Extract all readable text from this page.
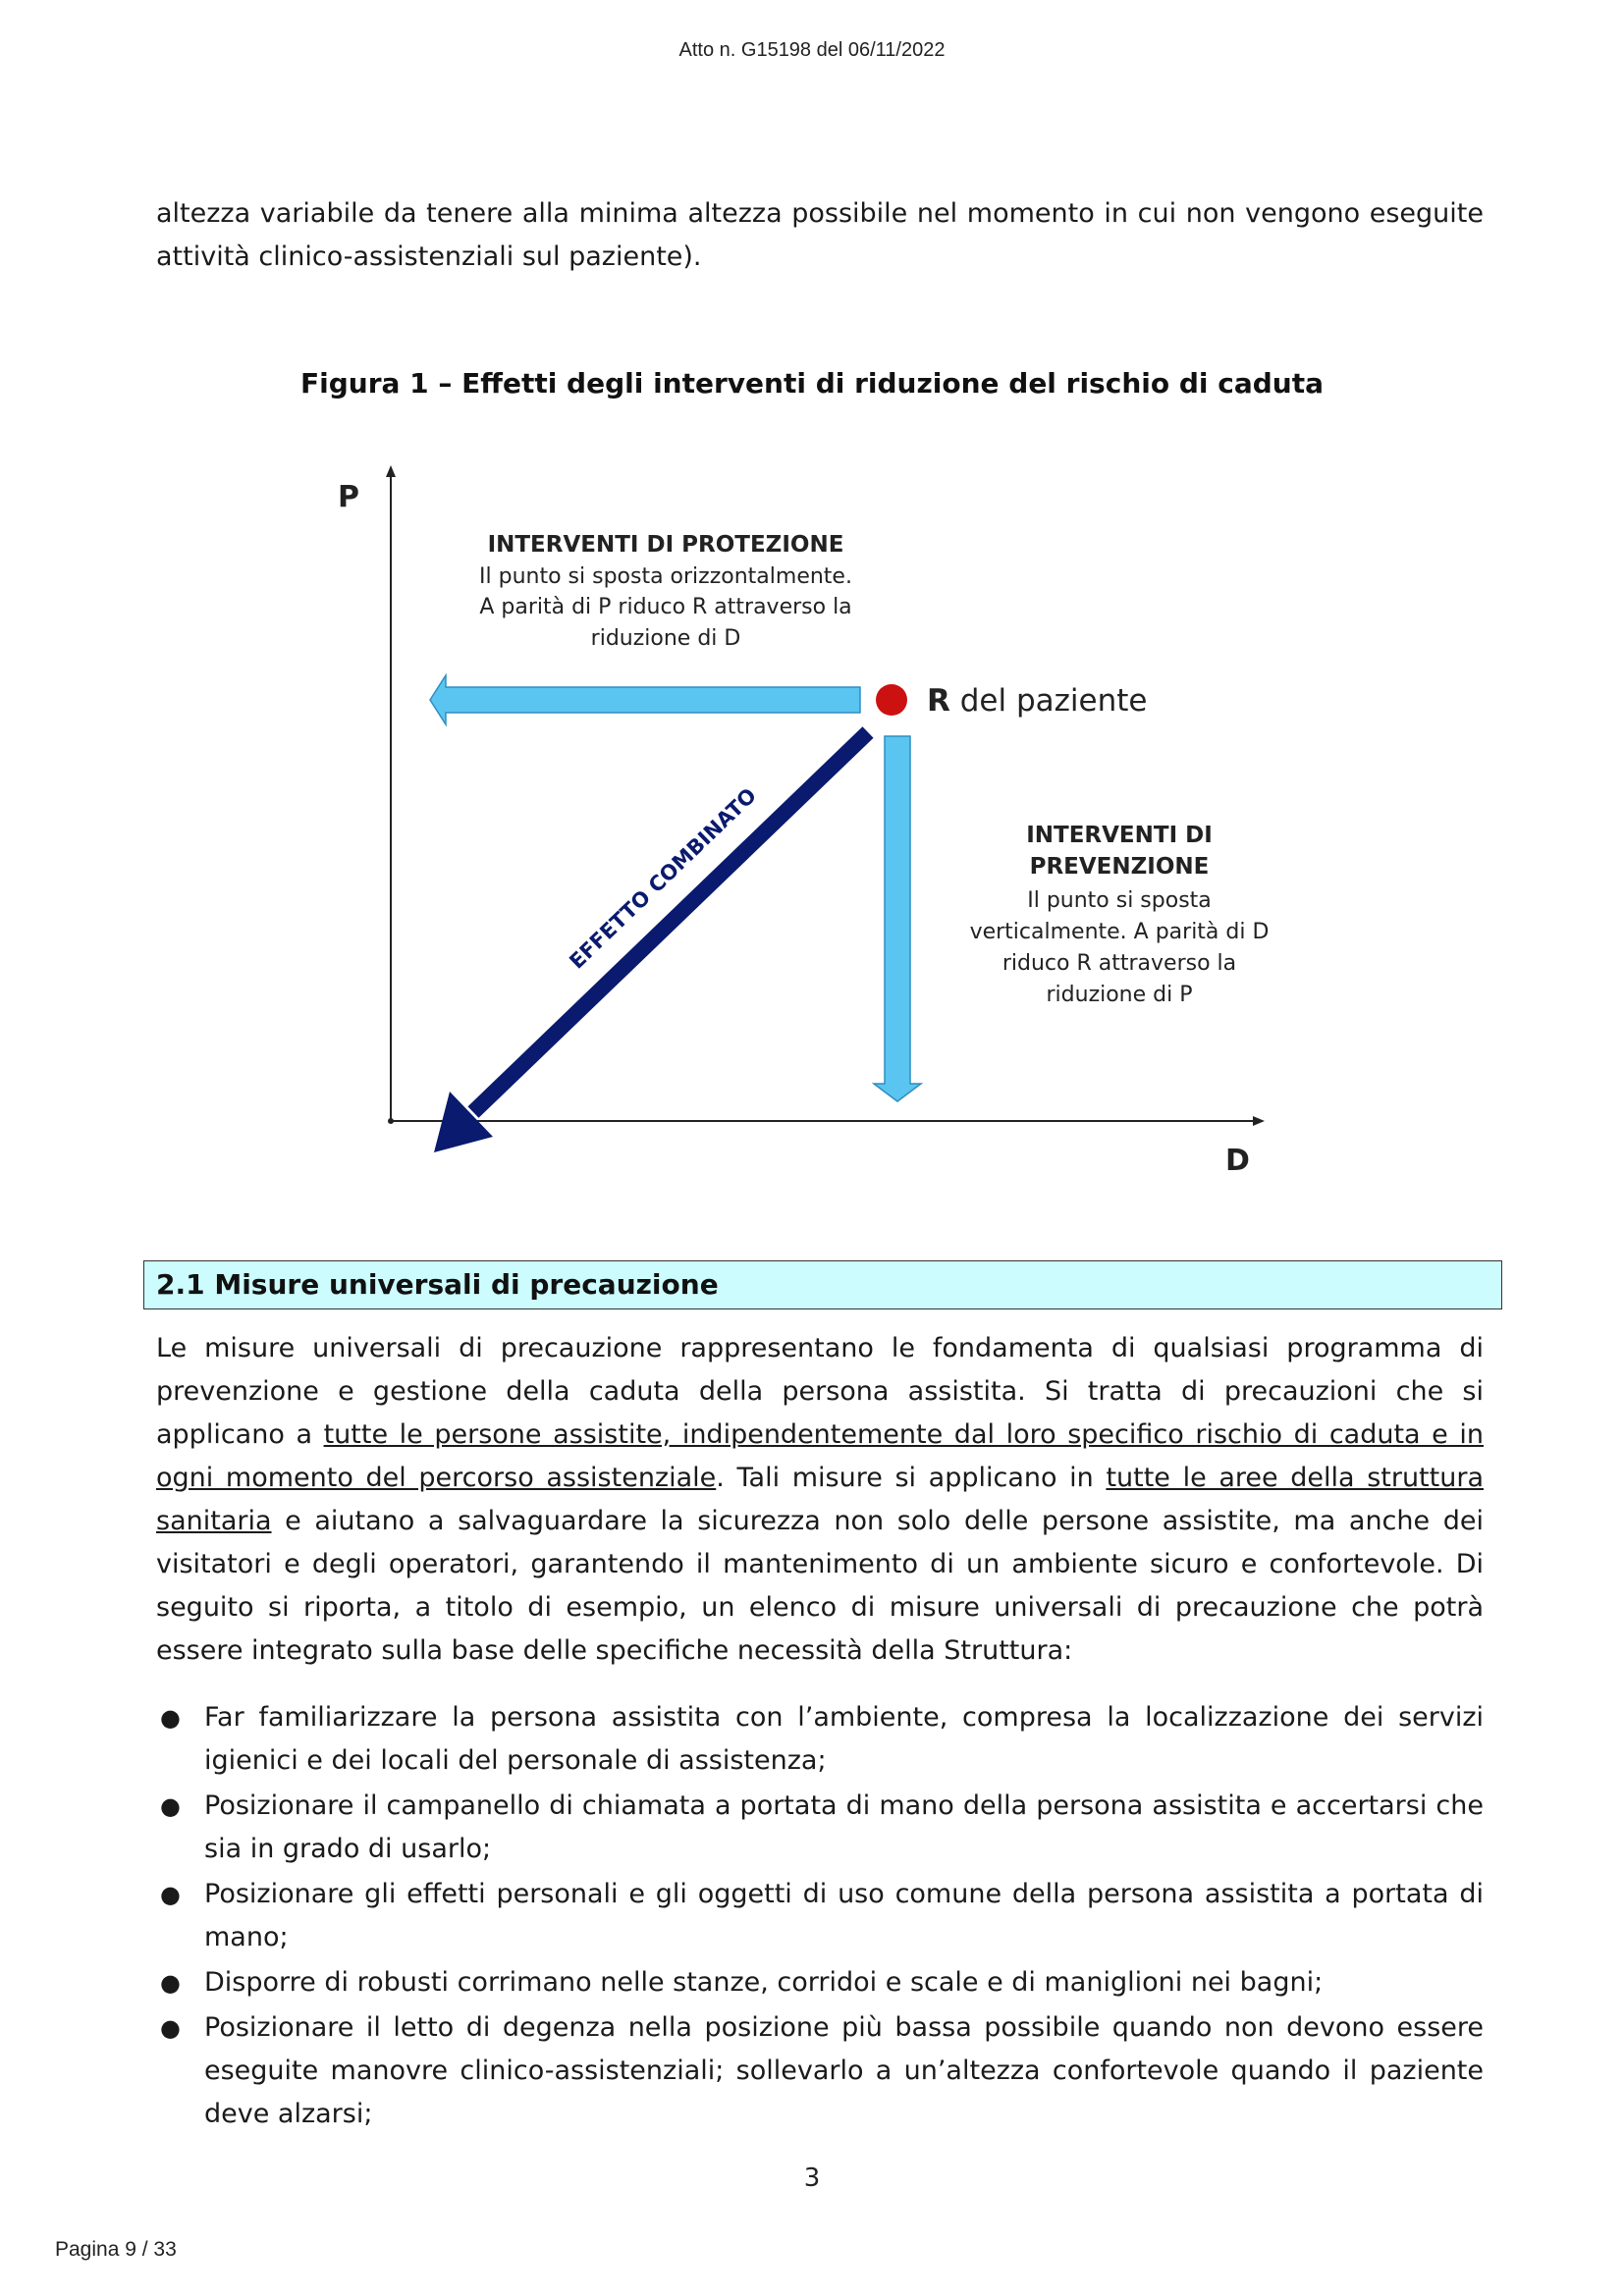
Atto n. G15198 del 06/11/2022
altezza variabile da tenere alla minima altezza possibile nel momento in cui non vengono eseguite attività clinico-assistenziali sul paziente).
Figura 1 – Effetti degli interventi di riduzione del rischio di caduta
P
D
INTERVENTI DI PROTEZIONE
Il punto si sposta orizzontalmente.
A parità di P riduco R attraverso la
riduzione di D
R del paziente
INTERVENTI DI
PREVENZIONE
Il punto si sposta
verticalmente. A parità di D
riduco R attraverso la
riduzione di P
EFFETTO COMBINATO
2.1 Misure universali di precauzione
Le misure universali di precauzione rappresentano le fondamenta di qualsiasi programma di prevenzione e gestione della caduta della persona assistita. Si tratta di precauzioni che si applicano a tutte le persone assistite, indipendentemente dal loro specifico rischio di caduta e in ogni momento del percorso assistenziale. Tali misure si applicano in tutte le aree della struttura sanitaria e aiutano a salvaguardare la sicurezza non solo delle persone assistite, ma anche dei visitatori e degli operatori, garantendo il mantenimento di un ambiente sicuro e confortevole. Di seguito si riporta, a titolo di esempio, un elenco di misure universali di precauzione che potrà essere integrato sulla base delle specifiche necessità della Struttura:
● Far familiarizzare la persona assistita con l’ambiente, compresa la localizzazione dei servizi igienici e dei locali del personale di assistenza;
● Posizionare il campanello di chiamata a portata di mano della persona assistita e accertarsi che sia in grado di usarlo;
● Posizionare gli effetti personali e gli oggetti di uso comune della persona assistita a portata di mano;
● Disporre di robusti corrimano nelle stanze, corridoi e scale e di maniglioni nei bagni;
● Posizionare il letto di degenza nella posizione più bassa possibile quando non devono essere eseguite manovre clinico-assistenziali; sollevarlo a un’altezza confortevole quando il paziente deve alzarsi;
3
Pagina 9 / 33
